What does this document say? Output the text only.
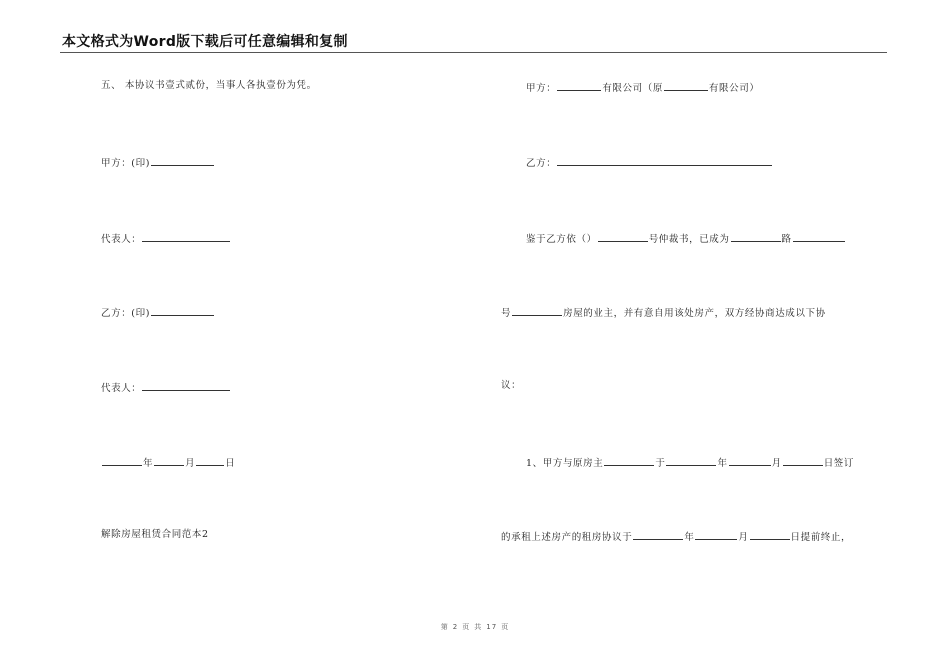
本文格式为Word版下载后可任意编辑和复制
五、 本协议书壹式贰份，当事人各执壹份为凭。
甲方：(印)
代表人：
乙方：(印)
代表人：
年	月	日
解除房屋租赁合同范本2
甲方：	有限公司（原	有限公司）
乙方：
鉴于乙方依（）	号仲裁书，已成为	路
号	房屋的业主，并有意自用该处房产，双方经协商达成以下协
议：
1、甲方与原房主	于	年	月	日签订
的承租上述房产的租房协议于	年	月	日提前终止，
第 2 页 共 17 页
